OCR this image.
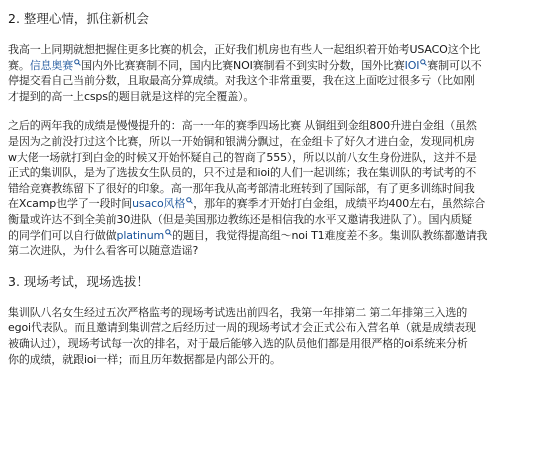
2. 整理心情，抓住新机会

我高一上同期就想把握住更多比赛的机会，正好我们机房也有些人一起组织着开始考USACO这个比
赛。信息奥赛 国内外比赛赛制不同，国内比赛NOI赛制看不到实时分数，国外比赛IOI 赛制可以不
停提交看自己当前分数，且取最高分算成绩。对我这个非常重要，我在这上面吃过很多亏（比如刚
才提到的高一上csps的题目就是这样的完全覆盖）。

之后的两年我的成绩是慢慢提升的：高一一年的赛季四场比赛 从铜组到金组800升进白金组（虽然
是因为之前没打过这个比赛，所以一开始铜和银满分飘过，在金组卡了好久才进白金，发现同机房
w大佬一场就打到白金的时候又开始怀疑自己的智商了555），所以以前八女生身份进队，这并不是
正式的集训队，是为了选拔女生队员的，只不过是和ioi的人们一起训练；我在集训队的考试考的不
错给竞赛教练留下了很好的印象。高一那年我从高考部清北班转到了国际部，有了更多训练时间我
在Xcamp也学了一段时间usaco风格 ，那年的赛季才开始打白金组，成绩平均400左右，虽然综合
衡量或许达不到全美前30进队（但是美国那边教练还是相信我的水平又邀请我进队了）。国内质疑
的同学们可以自行做做platinum 的题目，我觉得提高组～noi T1难度差不多。集训队教练都邀请我
第二次进队，为什么看客可以随意造谣?

3. 现场考试，现场选拔！

集训队八名女生经过五次严格监考的现场考试选出前四名，我第一年排第二 第二年排第三入选的
egoi代表队。而且邀请到集训营之后经历过一周的现场考试才会正式公布入营名单（就是成绩表现
被确认过），现场考试每一次的排名，对于最后能够入选的队员他们都是用很严格的oi系统来分析
你的成绩，就跟ioi一样；而且历年数据都是内部公开的。
